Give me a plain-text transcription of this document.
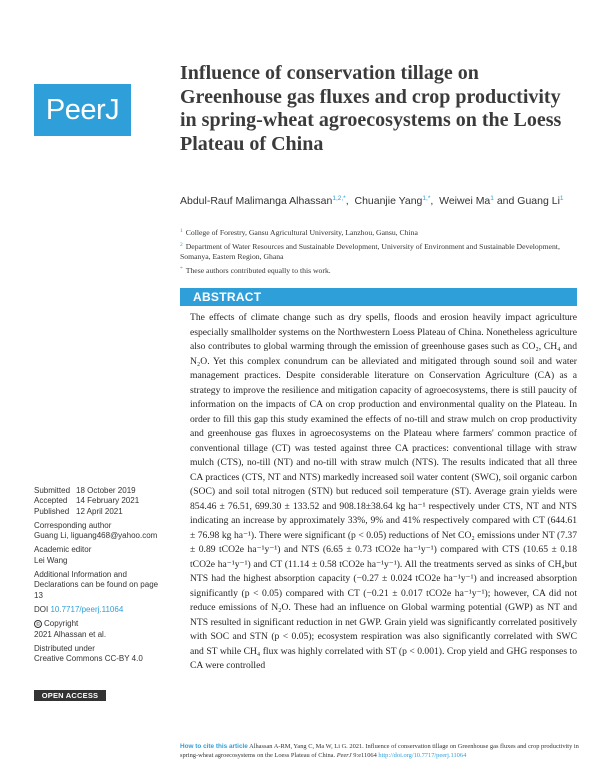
PeerJ
Influence of conservation tillage on Greenhouse gas fluxes and crop productivity in spring-wheat agroecosystems on the Loess Plateau of China
Abdul-Rauf Malimanga Alhassan$^{1,2,*}$,  Chuanjie Yang$^{1,*}$,  Weiwei Ma$^1$ and Guang Li$^1$

$^1$ College of Forestry, Gansu Agricultural University, Lanzhou, Gansu, China

$^2$ Department of Water Resources and Sustainable Development, University of Environment and Sustainable Development, Somanya, Eastern Region, Ghana

* These authors contributed equally to this work.

ABSTRACT

The effects of climate change such as dry spells, floods and erosion heavily impact agriculture especially smallholder systems on the Northwestern Loess Plateau of China. Nonetheless agriculture also contributes to global warming through the emission of greenhouse gases such as CO₂, CH₄ and N₂O. Yet this complex conundrum can be alleviated and mitigated through sound soil and water management practices. Despite considerable literature on Conservation Agriculture (CA) as a strategy to improve the resilience and mitigation capacity of agroecosystems, there is still paucity of information on the impacts of CA on crop production and environmental quality on the Plateau. In order to fill this gap this study examined the effects of no-till and straw mulch on crop productivity and greenhouse gas fluxes in agroecosystems on the Plateau where farmers' common practice of conventional tillage (CT) was tested against three CA practices: conventional tillage with straw mulch (CTS), no-till (NT) and no-till with straw mulch (NTS). The results indicated that all three CA practices (CTS, NT and NTS) markedly increased soil water content (SWC), soil organic carbon (SOC) and soil total nitrogen (STN) but reduced soil temperature (ST). Average grain yields were 854.46 ± 76.51, 699.30 ± 133.52 and 908.18±38.64 kg ha⁻¹ respectively under CTS, NT and NTS indicating an increase by approximately 33%, 9% and 41% respectively compared with CT (644.61 ± 76.98 kg ha⁻¹). There were significant (p < 0.05) reductions of Net CO₂ emissions under NT (7.37 ± 0.89 tCO2e ha⁻¹y⁻¹) and NTS (6.65 ± 0.73 tCO2e ha⁻¹y⁻¹) compared with CTS (10.65 ± 0.18 tCO2e ha⁻¹y⁻¹) and CT (11.14 ± 0.58 tCO2e ha⁻¹y⁻¹). All the treatments served as sinks of CH₄but NTS had the highest absorption capacity (−0.27 ± 0.024 tCO2e ha⁻¹y⁻¹) and increased absorption significantly (p < 0.05) compared with CT (−0.21 ± 0.017 tCO2e ha⁻¹y⁻¹); however, CA did not reduce emissions of N₂O. These had an influence on Global warming potential (GWP) as NT and NTS resulted in significant reduction in net GWP. Grain yield was significantly correlated positively with SOC and STN (p < 0.05); ecosystem respiration was also significantly correlated with SWC and ST while CH₄ flux was highly correlated with ST (p < 0.001). Crop yield and GHG responses to CA were controlled

Submitted 18 October 2019
Accepted	14 February 2021
Published 12 April 2021
Corresponding author
Guang Li, liguang468@yahoo.com
Academic editor
Lei Wang
Additional Information and Declarations can be found on page 13
DOI 10.7717/peerj.11064
© Copyright
2021 Alhassan et al.
Distributed under
Creative Commons CC-BY 4.0
OPEN ACCESS

How to cite this article Alhassan A-RM, Yang C, Ma W, Li G. 2021. Influence of conservation tillage on Greenhouse gas fluxes and crop productivity in spring-wheat agroecosystems on the Loess Plateau of China. PeerJ 9:e11064 http://doi.org/10.7717/peerj.11064
